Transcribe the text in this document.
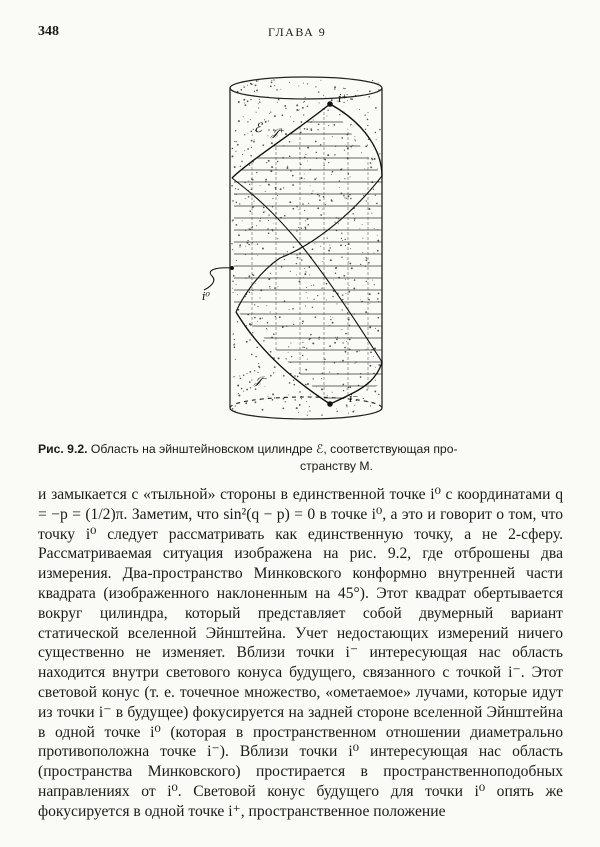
348	ГЛАВА 9
ℰ
i⁺
𝒥⁺
i⁰
𝒥⁻
i⁻
Рис. 9.2. Область на эйнштейновском цилиндре ℰ, соответствующая про-
странству M.

и замыкается с «тыльной» стороны в единственной точке i⁰ с координатами q = −p = (1/2)π. Заметим, что sin²(q − p) = 0 в точке i⁰, а это и говорит о том, что точку i⁰ следует рассматривать как единственную точку, а не 2-сферу. Рассматриваемая ситуация изображена на рис. 9.2, где отброшены два измерения. Два-пространство Минковского конформно внутренней части квадрата (изображенного наклоненным на 45°). Этот квадрат обертывается вокруг цилиндра, который представляет собой двумерный вариант статической вселенной Эйнштейна. Учет недостающих измерений ничего существенно не изменяет. Вблизи точки i⁻ интересующая нас область находится внутри светового конуса будущего, связанного с точкой i⁻. Этот световой конус (т. е. точечное множество, «ометаемое» лучами, которые идут из точки i⁻ в будущее) фокусируется на задней стороне вселенной Эйнштейна в одной точке i⁰ (которая в пространственном отношении диаметрально противоположна точке i⁻). Вблизи точки i⁰ интересующая нас область (пространства Минковского) простирается в пространственноподобных направлениях от i⁰. Световой конус будущего для точки i⁰ опять же фокусируется в одной точке i⁺, пространственное положение
